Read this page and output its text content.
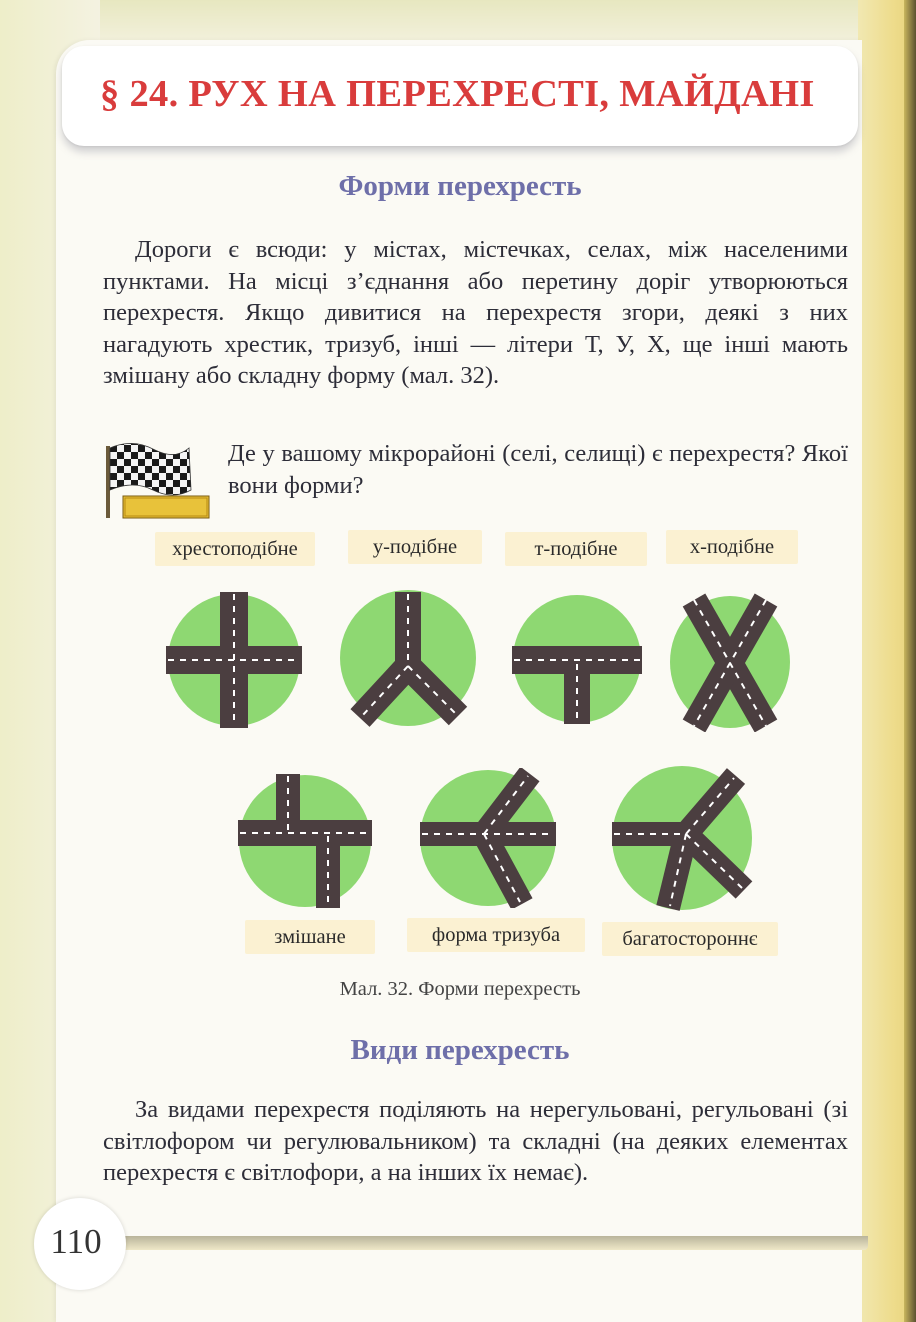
§ 24. РУХ НА ПЕРЕХРЕСТІ, МАЙДАНІ
Форми перехресть

Дороги є всюди: у містах, містечках, селах, між населеними пунктами. На місці з’єднання або перетину доріг утворюються перехрестя. Якщо дивитися на перехрестя згори, деякі з них нагадують хрестик, тризуб, інші — літери Т, У, Х, ще інші мають змішану або складну форму (мал. 32).

Де у вашому мікрорайоні (селі, селищі) є перехрестя? Якої вони форми?
хрестоподібне	у-подібне	т-подібне	х-подібне
змішане	форма тризуба	багатостороннє
Мал. 32. Форми перехресть
Види перехресть

За видами перехрестя поділяють на нерегульовані, регульовані (зі світлофором чи регулювальником) та складні (на деяких елементах перехрестя є світлофори, а на інших їх немає).

110
